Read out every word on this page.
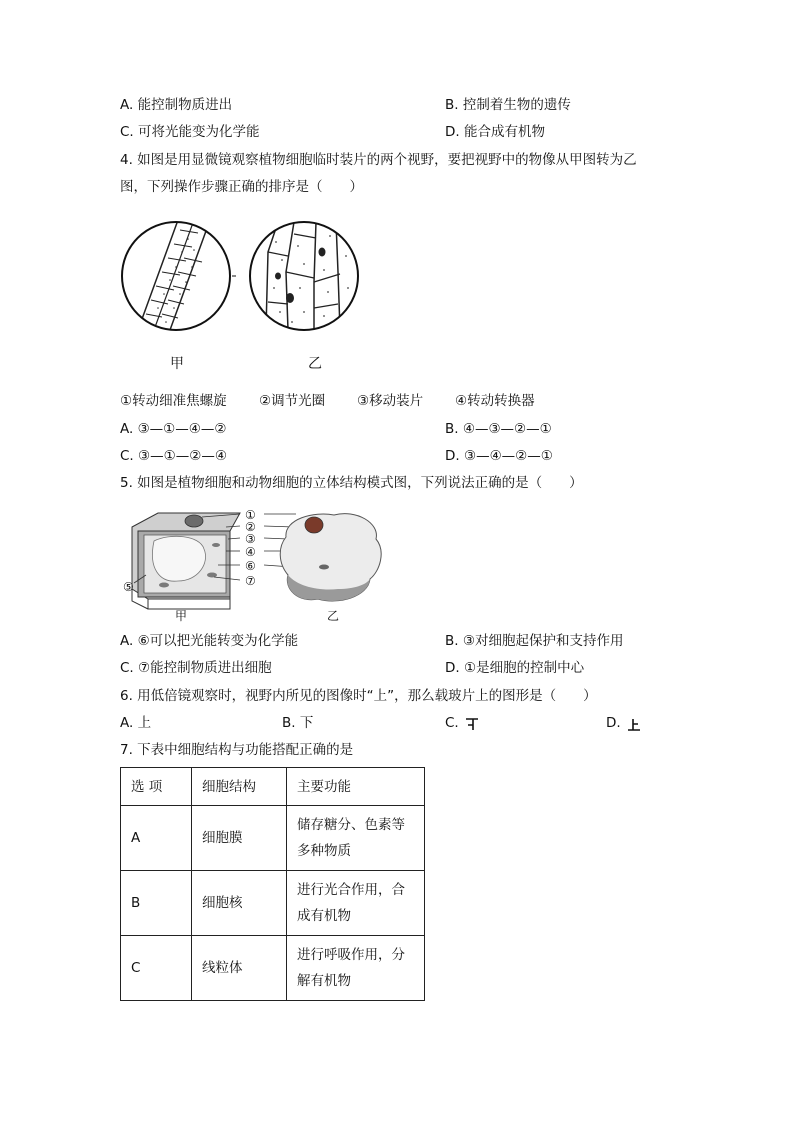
A. 能控制物质进出	B. 控制着生物的遗传
C. 可将光能变为化学能	D. 能合成有机物
4. 如图是用显微镜观察植物细胞临时装片的两个视野，要把视野中的物像从甲图转为乙
图，下列操作步骤正确的排序是（　　）
甲	乙
①转动细准焦螺旋 ②调节光圈 ③移动装片 ④转动转换器
A. ③—①—④—②	B. ④—③—②—①
C. ③—①—②—④	D. ③—④—②—①
5. 如图是植物细胞和动物细胞的立体结构模式图，下列说法正确的是（　　）
①
②
③
④
⑥
⑦
⑤
甲	乙
A. ⑥可以把光能转变为化学能	B. ③对细胞起保护和支持作用
C. ⑦能控制物质进出细胞	D. ①是细胞的控制中心
6. 用低倍镜观察时，视野内所见的图像时“上”，那么载玻片上的图形是（　　）
A. 上	B. 下	C.	D.
7. 下表中细胞结构与功能搭配正确的是
选 项	细胞结构	主要功能
A	细胞膜	储存糖分、色素等多种物质
B	细胞核	进行光合作用，合成有机物
C	线粒体	进行呼吸作用，分解有机物
